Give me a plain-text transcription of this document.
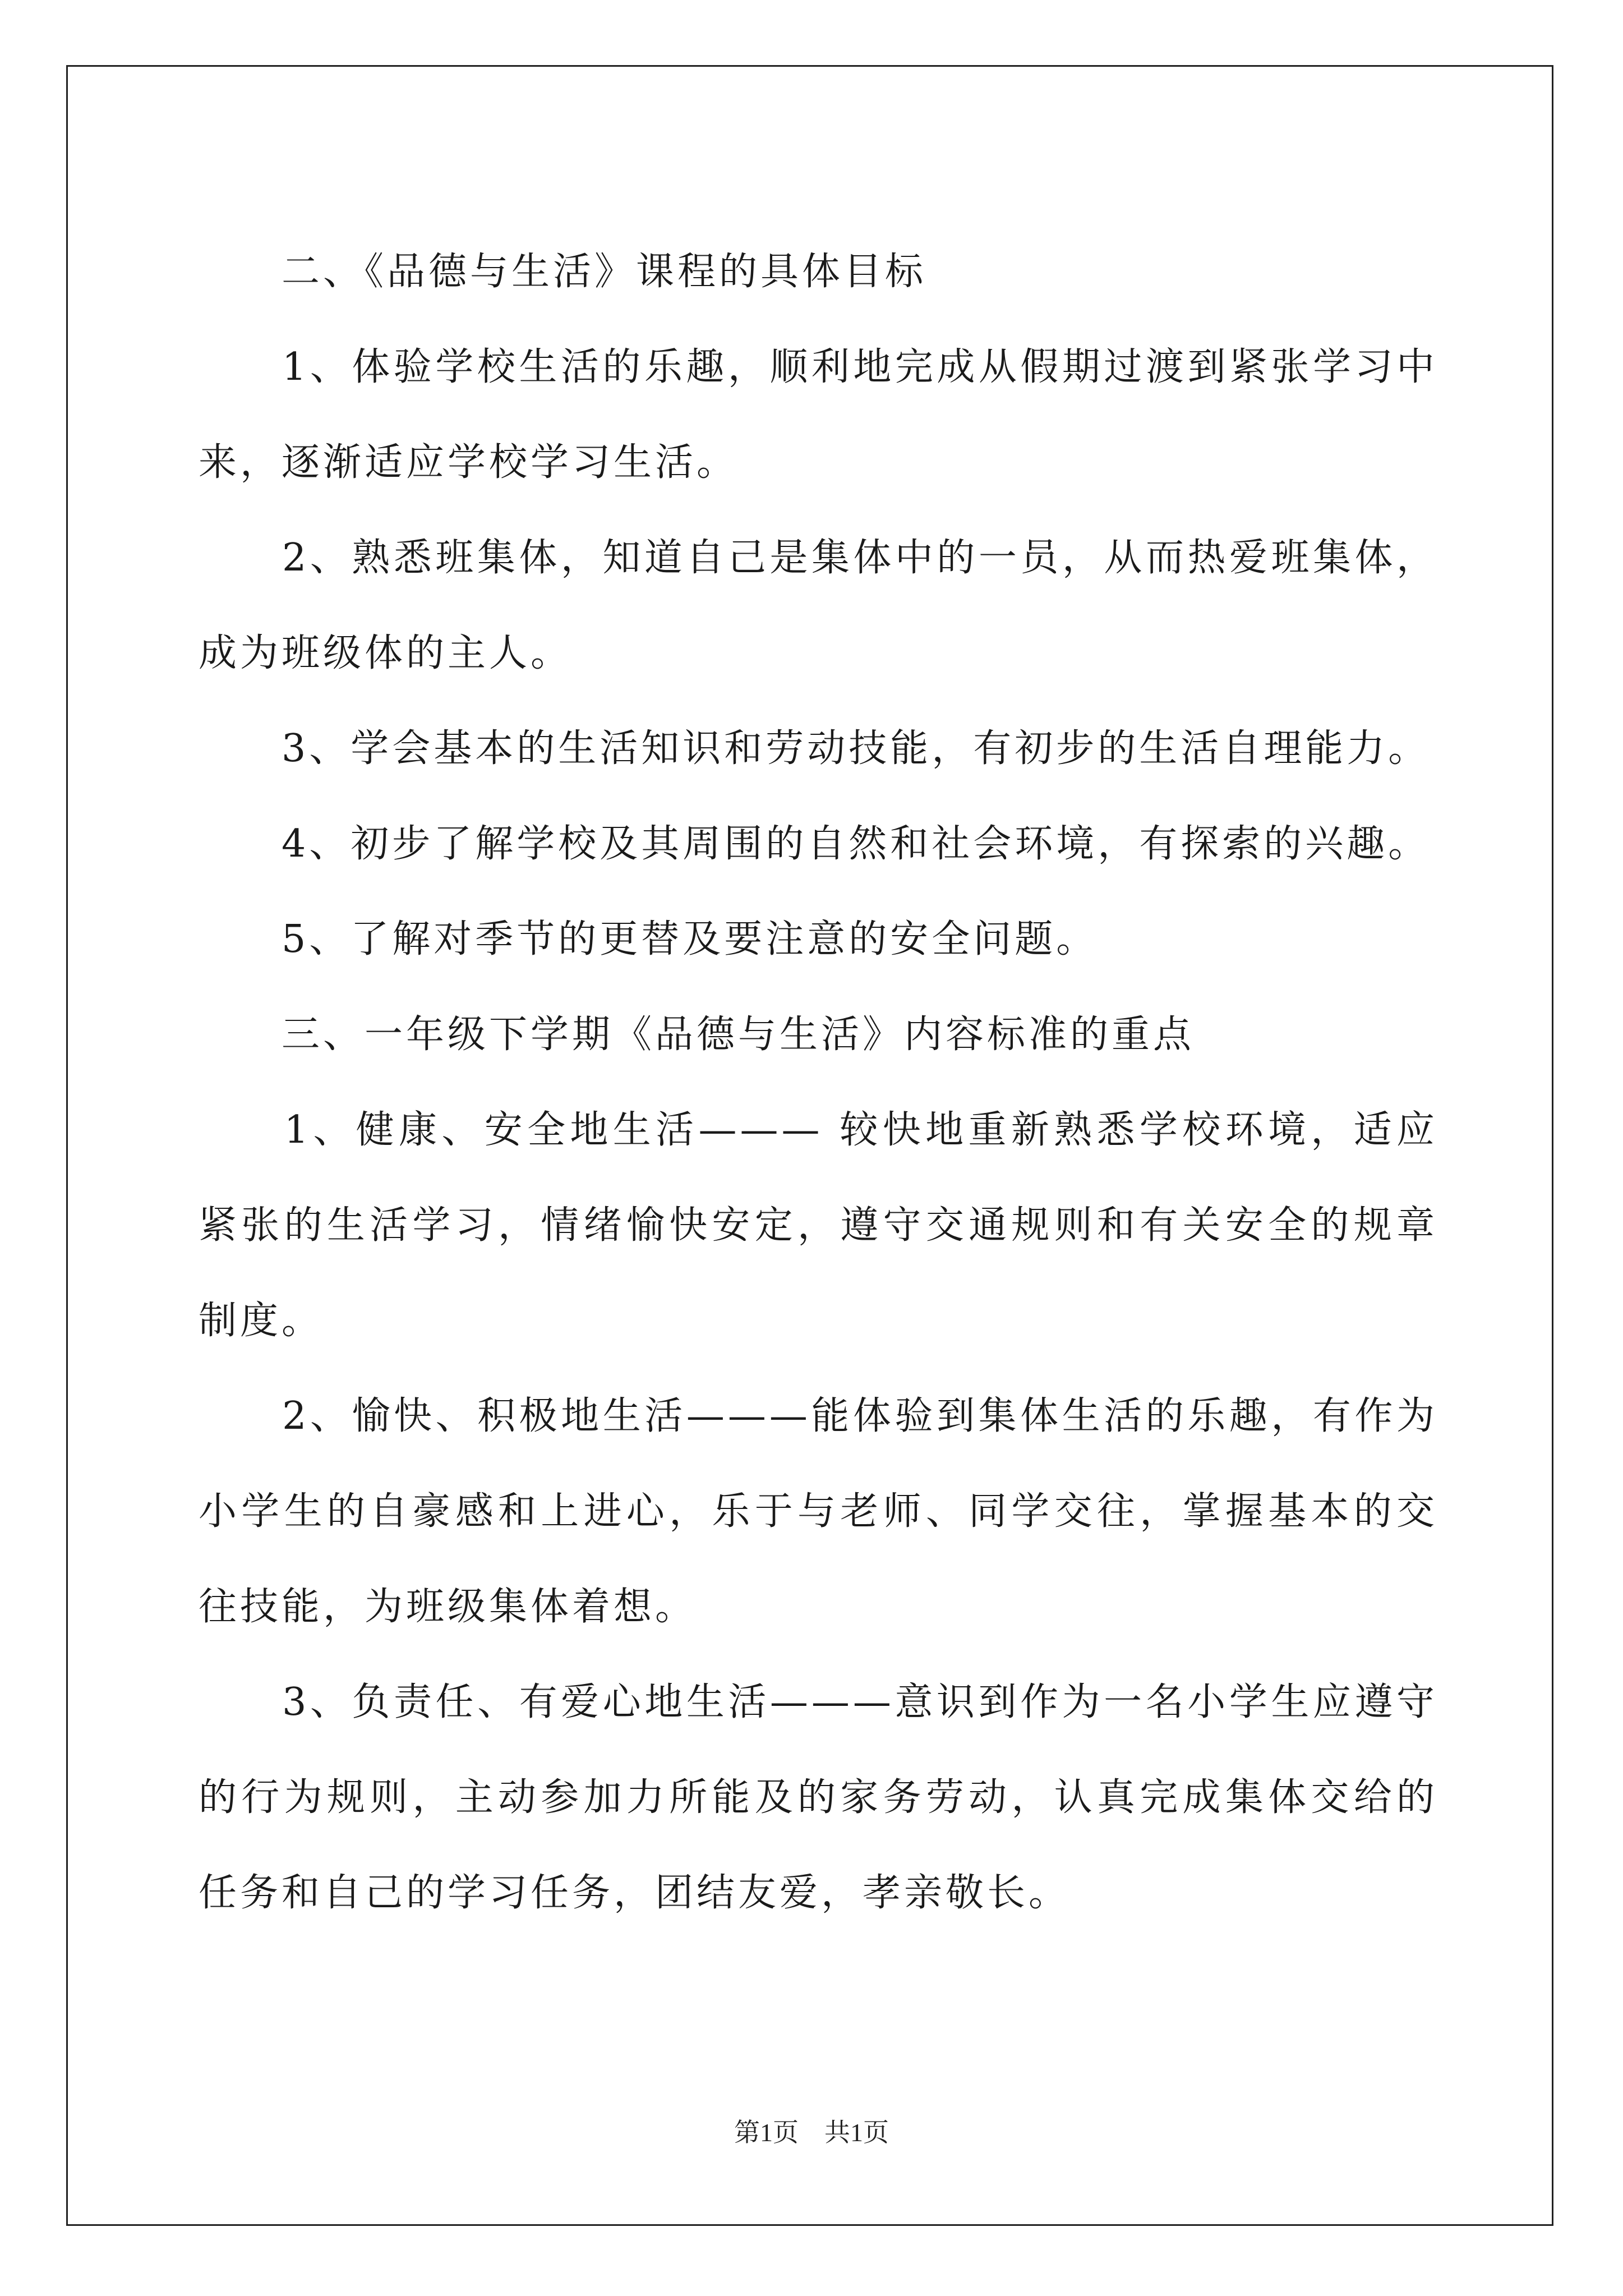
　　二、《品德与生活》课程的具体目标

　　1、体验学校生活的乐趣，顺利地完成从假期过渡到紧张学习中来，逐渐适应学校学习生活。

　　2、熟悉班集体，知道自己是集体中的一员，从而热爱班集体，成为班级体的主人。

　　3、学会基本的生活知识和劳动技能，有初步的生活自理能力。

　　4、初步了解学校及其周围的自然和社会环境，有探索的兴趣。

　　5、了解对季节的更替及要注意的安全问题。

　　三、一年级下学期《品德与生活》内容标准的重点

　　1、健康、安全地生活——— 较快地重新熟悉学校环境，适应紧张的生活学习，情绪愉快安定，遵守交通规则和有关安全的规章制度。

　　2、愉快、积极地生活———能体验到集体生活的乐趣，有作为小学生的自豪感和上进心，乐于与老师、同学交往，掌握基本的交往技能，为班级集体着想。

　　3、负责任、有爱心地生活———意识到作为一名小学生应遵守的行为规则，主动参加力所能及的家务劳动，认真完成集体交给的任务和自己的学习任务，团结友爱，孝亲敬长。

第1页　共1页
